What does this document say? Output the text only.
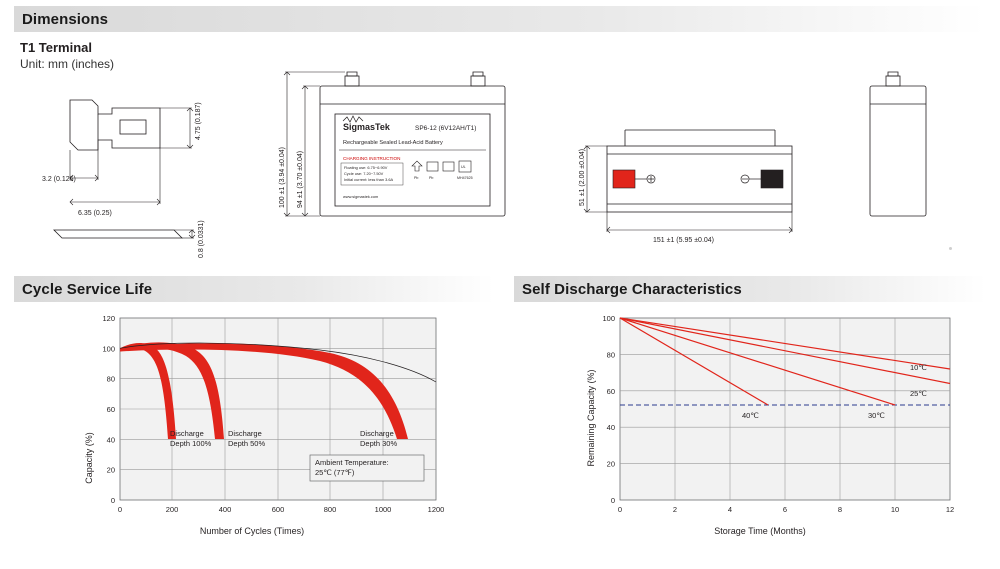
Dimensions
T1 Terminal
Unit: mm (inches)
4.75 (0.187)
3.2 (0.126)
6.35 (0.25)
0.8 (0.0331)
SigmasTek	SP6-12 (6V12AH/T1)
Rechargeable Sealed Lead-Acid Battery
CHARGING INSTRUCTION
Floating use: 6.75~6.90V
Cycle use: 7.20~7.50V
Initial current: less than 3.6A	Pb	Pb
UL
MH47625
www.sigmastek.com
100 ±1 (3.94 ±0.04) 94 ±1 (3.70 ±0.04)
151 ±1 (5.95 ±0.04)
51 ±1 (2.00 ±0.04)
Cycle Service Life
120
100
80
60
40
20
0
0	200	400	600	800	1000	1200
Discharge
Depth 100%
Discharge
Depth 50%
Discharge
Depth 30%
Ambient Temperature:
25℃ (77℉)
Capacity (%)
Number of Cycles (Times)
Self Discharge Characteristics
100
80
60
40
20
0
0	2	4	6	8	10	12
10℃
25℃
40℃	30℃
Remaining Capacity (%)
Storage Time (Months)
